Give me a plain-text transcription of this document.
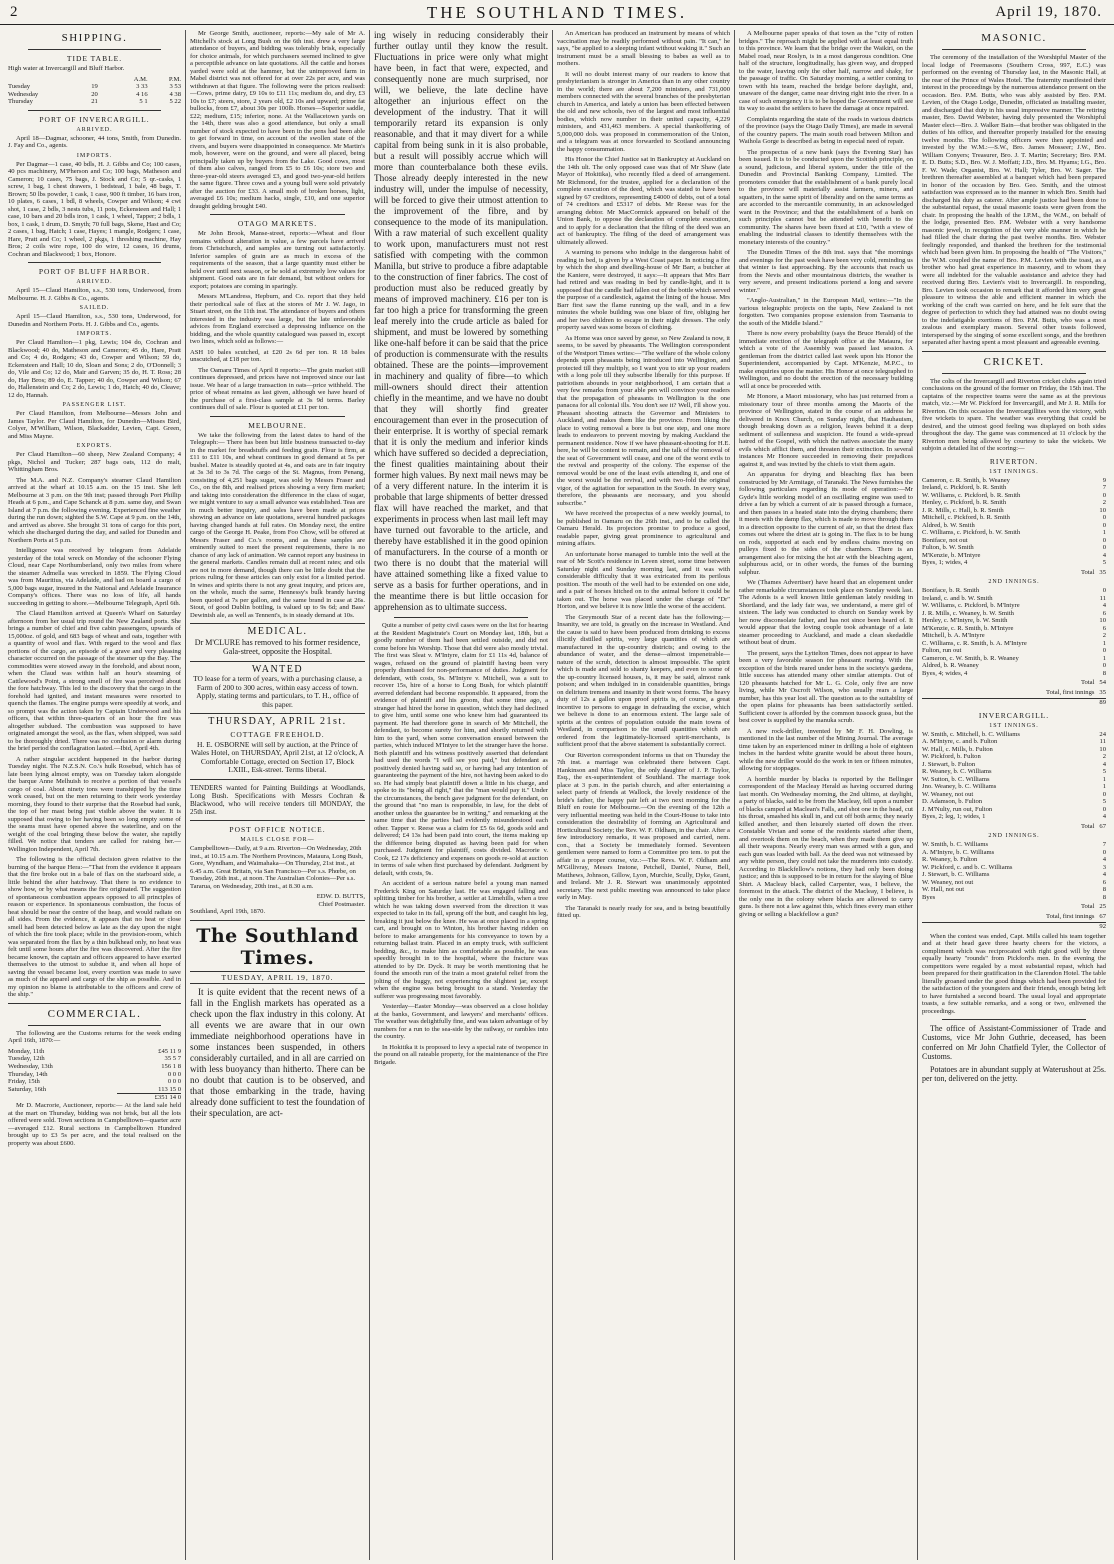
2	THE SOUTHLAND TIMES.	April 19, 1870.
SHIPPING.
TIDE TABLE.

High water at Invercargill and Bluff Harbor.

		A.M.	P.M.
Tuesday	19	3 33	3 53
Wednesday	20	4 16	4 38
Thursday	21	5 1	5 22
PORT OF INVERCARGILL.
ARRIVED.

April 18—Dagmar, schooner, 44 tons, Smith, from Dunedin. J. Fay and Co., agents.

IMPORTS.

Per Dagmar—1 case, 40 bdls, H. J. Gibbs and Co; 100 cases, 40 pcs machinery, M'Pherson and Co; 100 bags, Matheson and Cameron; 10 cases, 75 bags, J. Stock and Co; 5 qr.-casks, 1 screw, 1 bag, 1 chest drawers, 1 bedstead, 1 bale, 48 bags, T. Brown; 50 lbs powder, 1 cask, 1 case, 900 ft timber, 16 bars iron, 10 plates, 6 cases, 1 bdl, 8 wheels, Cowper and Wilson; 4 cwt shot, 1 case, 2 bdls, 3 nests tubs, 11 pots, Eckensteen and Hall; 1 case, 10 bars and 20 bdls iron, 1 cask, 1 wheel, Tapper; 2 bdls, 1 box, 1 cask, 1 drum, D. Smyth; 70 full bags, Skene, Hast and Co; 2 cases, 1 bag, Hatch; 1 case, Hayes; 1 mangle, Rodgers; 1 case, Hare, Pratt and Co; 1 wheel, 2 pkgs, 1 threshing machine, Hay Bros; 2 coils wire rope, 100 do wire, 12 cases, 16 drums, Cochran and Blackwood; 1 box, Honore.

PORT OF BLUFF HARBOR.
ARRIVED.

April 15—Claud Hamilton, s.s., 530 tons, Underwood, from Melbourne. H. J. Gibbs & Co., agents.

SAILED.

April 15—Claud Hamilton, s.s., 530 tons, Underwood, for Dunedin and Northern Ports. H. J. Gibbs and Co., agents.

IMPORTS.

Per Claud Hamilton—1 pkg, Lewis; 104 do, Cochran and Blackwood; 40 do, Matheson and Cameron; 45 do, Hare, Pratt and Co; 4 do, Rodgers; 43 do, Cowper and Wilson; 59 do, Eckensteen and Hall; 10 do, Sloan and Sons; 2 do, O'Donnell; 3 do, Vile and Co; 12 do, Mair and Garven; 35 do, H. T. Ross; 28 do, Hay Bros; 89 do, E. Tapper; 40 do, Cowper and Wilson; 67 do, Hallenstein and Co; 2 do, Lewis; 1 do, Hatch; 40 do, Cleave; 12 do, Hannah.

PASSENGER LIST.

Per Claud Hamilton, from Melbourne—Messrs John and James Taylor. Per Claud Hamilton, for Dunedin—Misses Bird, Colyer, M'William, Wilson, Blackadder, Levien, Capt. Green, and Miss Mayne.

EXPORTS.

Per Claud Hamilton—60 sheep, New Zealand Company; 4 pkgs, Nichol and Tucker; 287 bags oats, 112 do malt, Whittingham Bros.

The M.A. and N.Z. Company's steamer Claud Hamilton arrived at the wharf at 10.15 a.m. on the 15 inst. She left Melbourne at 3 p.m. on the 9th inst; passed through Port Phillip Heads at 6 p.m., and Cape Schanck at 8 p.m. same day, and Swan Island at 7 p.m. the following evening. Experienced fine weather during the run down; sighted the S.W. Cape at 9 p.m. on the 14th, and arrived as above. She brought 31 tons of cargo for this port, which she discharged during the day, and sailed for Dunedin and Northern Ports at 5 p.m.

Intelligence was received by telegram from Adelaide yesterday of the total wreck on Monday of the schooner Flying Cloud, near Cape Northumberland, only two miles from where the steamer Admella was wrecked in 1859. The Flying Cloud was from Mauritius, via Adelaide, and had on board a cargo of 5,000 bags sugar, insured in the National and Adelaide Insurance Company's offices. There was no loss of life, all hands succeeding in getting to shore.—Melbourne Telegraph, April 6th.

The Claud Hamilton arrived at Queen's Wharf on Saturday afternoon from her usual trip round the New Zealand ports. She brings a number of chief and five cabin passengers, upwards of 15,000oz. of gold, and 683 bags of wheat and oats, together with a quantity of wool and flax. With regard to the wool and flax portions of the cargo, an episode of a grave and very pleasing character occurred on the passage of the steamer up the Bay. The commodities were stowed away in the forehold, and about noon, when the Claud was within half an hour's steaming of Cattlewood's Point, a strong smell of fire was perceived about the fore hatchway. This led to the discovery that the cargo in the forehold had ignited, and instant measures were resorted to quench the flames. The engine pumps were speedily at work, and so prompt was the action taken by Captain Underwood and his officers, that within three-quarters of an hour the fire was altogether subdued. The combustion was supposed to have originated amongst the wool, as the flax, when shipped, was said to be thoroughly dried. There was no confusion or alarm during the brief period the conflagration lasted.—Ibid, April 4th.

A rather singular accident happened in the harbor during Tuesday night. The N.Z.S.N. Co.'s hulk Rosebud, which has of late been lying almost empty, was on Tuesday taken alongside the barque Anne Melhuish to receive a portion of that vessel's cargo of coal. About ninety tons were transhipped by the time work ceased, but on the men returning to their work yesterday morning, they found to their surprise that the Rosebud had sunk, the top of her mast being just visible above the water. It is supposed that owing to her having been so long empty some of the seams must have opened above the waterline, and on the weight of the coal bringing these below the water, she rapidly filled. We notice that tenders are called for raising her.—Wellington Independent, April 7th.

The following is the official decision given relative to the burning of the barque Hera:—"That from the evidence it appears that the fire broke out in a bale of flax on the starboard side, a little behind the after hatchway. That there is no evidence to show how, or by what means the fire originated. The suggestion of spontaneous combustion appears opposed to all principles of reason or experience. In spontaneous combustion, the focus of heat should be near the centre of the heap, and would radiate on all sides. From the evidence, it appears that no heat or close smell had been detected below as late as the day upon the night of which the fire took place; while in the provision-room, which was separated from the flax by a thin bulkhead only, no heat was felt until some hours after the fire was discovered. After the fire became known, the captain and officers appeared to have exerted themselves to the utmost to subdue it, and when all hope of saving the vessel became lost, every exertion was made to save as much of the apparel and cargo of the ship as possible. And in my opinion no blame is attributable to the officers and crew of the ship."

COMMERCIAL.

The following are the Customs returns for the week ending April 16th, 1870:—

Monday, 11th	£45 11 9
Tuesday, 12th	35 5 7
Wednesday, 13th	156 1 8
Thursday, 14th	0 0 0
Friday, 15th	0 0 0
Saturday, 16th	113 15 0
	£351 14 0

Mr D. Macrorie, Auctioneer, reports:— At the land sale held at the mart on Thursday, bidding was not brisk, but all the lots offered were sold. Town sections in Campbelltown—quarter acre—averaged £12. Rural sections in Campbelltown Hundred brought up to £3 5s per acre, and the total realised on the property was about £600.

Mr George Smith, auctioneer, reports:—My sale of Mr A. Mitchell's stock at Long Bush on the 6th inst. drew a very large attendance of buyers, and bidding was tolerably brisk, especially for choice animals, for which purchasers seemed inclined to give a perceptible advance on late quotations. All the cattle and horses yarded were sold at the hammer, but the unimproved farm in Mabel district was not offered for at over 22s per acre, and was withdrawn at that figure. The following were the prices realised:—Cows, prime dairy, £9 10s to £11 11s; medium do, and dry, £3 10s to £7; steers, store, 2 years old, £2 10s and upward; prime fat bullocks, from £7, about 30s per 100lb. Horses—Superior saddle, £22; medium, £15; inferior, none. At the Wallacetown yards on the 14th, there was also a good attendance, but only a small number of stock expected to have been in the pens had been able to get forward in time, on account of the swollen state of the rivers, and buyers were disappointed in consequence. Mr Martin's mob, however, were on the ground, and were all placed, being principally taken up by buyers from the Lake. Good cows, most of them also calves, ranged from £5 to £6 10s; store two and three-year-old steers averaged £3, and good two-year-old heifers the same figure. Three cows and a young bull were sold privately after the auction for £33. A small mob of broken horses, light, averaged £6 10s; medium hacks, single, £10, and one superior draught gelding brought £40.

OTAGO MARKETS.

Mr John Brook, Manse-street, reports:—Wheat and flour remains without alteration in value, a few parcels have arrived from Christchurch, and samples are turning out satisfactorily. Inferior samples of grain are as much in excess of the requirements of the season, that a large quantity must either be held over until next season, or be sold at extremely low values for shipment. Good oats are in fair demand, but without orders for export; potatoes are coming in sparingly.

Messrs M'Landress, Hepburn, and Co. report that they held their periodical sale of flax at the stores of Mr J. W. Jago, in Stuart street, on the 11th inst. The attendance of buyers and others interested in the industry was large, but the late unfavorable advices from England exercised a depressing influence on the bidding, and the whole quantity catalogued was passed in, except two lines, which sold as follows:—

ASH 10 bales scutched, at £20 2s 6d per ton. R 18 bales unscutched, at £18 per ton.

The Oamaru Times of April 8 reports:—The grain market still continues depressed, and prices have not improved since our last issue. We hear of a large transaction in oats—price withheld. The price of wheat remains as last given, although we have heard of the purchase of a first-class sample at 3s 9d terms. Barley continues dull of sale. Flour is quoted at £11 per ton.

MELBOURNE.

We take the following from the latest dates to hand of the Telegraph:— There has been but little business transacted to-day in the market for breadstuffs and feeding grain. Flour is firm, at £11 to £11 10s, and wheat continues in good demand at 5s per bushel. Maize is steadily quoted at 4s, and oats are in fair inquiry at 3s 3d to 3s 7d. The cargo of the St. Magnus, from Penang, consisting of 4,251 bags sugar, was sold by Messrs Fraser and Co., on the 8th, and realised prices showing a very firm market; and taking into consideration the difference in the class of sugar, we might venture to say a small advance was established. Teas are in much better inquiry, and sales have been made at prices showing an advance on late quotations, several hundred packages having changed hands at full rates. On Monday next, the entire cargo of the George H. Peake, from Foo Chow, will be offered at Messrs Fraser and Co.'s rooms, and as these samples are eminently suited to meet the present requirements, there is no chance of any lack of animation. We cannot report any business in the general markets. Candles remain dull at recent rates; and oils are not in more demand, though there can be little doubt that the prices ruling for these articles can only exist for a limited period. In wines and spirits there is not any great inquiry, and prices are, on the whole, much the same, Hennessy's bulk brandy having been quoted at 7s per gallon, and the same brand in case at 26s. Stout, of good Dublin bottling, is valued up to 9s 6d; and Bass' Dewinish ale, as well as Tennent's, is in steady demand at 10s.

MEDICAL.

Dr M'CLURE has removed to his former residence, Gala-street, opposite the Hospital.

WANTED

TO lease for a term of years, with a purchasing clause, a Farm of 200 to 300 acres, within easy access of town. Apply, stating terms and particulars, to T. H., office of this paper.

THURSDAY, APRIL 21st.
COTTAGE FREEHOLD.

H. E. OSBORNE will sell by auction, at the Prince of Wales Hotel, on THURSDAY, April 21st, at 12 o'clock, A Comfortable Cottage, erected on Section 17, Block LXIII., Esk-street. Terms liberal.

TENDERS wanted for Painting Buildings at Woodlands, Long Bush. Specifications with Messrs Cochran & Blackwood, who will receive tenders till MONDAY, the 25th inst.

POST OFFICE NOTICE.
MAILS CLOSE FOR—

Campbelltown—Daily, at 9 a.m. Riverton—On Wednesday, 20th inst., at 10.15 a.m. The Northern Provinces, Mataura, Long Bush, Gore, Wyndham, and Waimahaka—On Thursday, 21st inst., at 6.45 a.m. Great Britain, via San Francisco—Per s.s. Phœbe, on Tuesday, 26th inst., at noon. The Australian Colonies—Per s.s. Tararua, on Wednesday, 20th inst., at 8.30 a.m.

EDW. D. BUTTS,
Chief Postmaster.
Southland, April 19th, 1870.
The Southland Times.
TUESDAY, APRIL 19, 1870.

It is quite evident that the recent news of a fall in the English markets has operated as a check upon the flax industry in this colony. At all events we are aware that in our own immediate neighborhood operations have in some instances been suspended, in others considerably curtailed, and in all are carried on with less buoyancy than hitherto. There can be no doubt that caution is to be observed, and that those embarking in the trade, having already done sufficient to test the foundation of their speculation, are act-

ing wisely in reducing considerably their further outlay until they know the result. Fluctuations in price were only what might have been, in fact that were, expected, and consequently none are much surprised, nor will, we believe, the late decline have altogether an injurious effect on the development of the industry. That it will temporarily retard its expansion is only reasonable, and that it may divert for a while capital from being sunk in it is also probable, but a result will possibly accrue which will more than counterbalance both these evils. Those already deeply interested in the new industry will, under the impulse of necessity, will be forced to give their utmost attention to the improvement of the fibre, and by consequence to the mode of its manipulation. With a raw material of such excellent quality to work upon, manufacturers must not rest satisfied with competing with the common Manilla, but strive to produce a fibre adaptable to the construction of finer fabrics. The cost of production must also be reduced greatly by means of improved machinery. £16 per ton is far too high a price for transforming the green leaf merely into the crude article as baled for shipment, and must be lowered by something like one-half before it can be said that the price of production is commensurate with the results obtained. These are the points—improvement in machinery and quality of fibre—to which mill-owners should direct their attention chiefly in the meantime, and we have no doubt that they will shortly find greater encouragement than ever in the prosecution of their enterprise. It is worthy of special remark that it is only the medium and inferior kinds which have suffered so decided a depreciation, the finest qualities maintaining about their former high values. By next mail news may be of a very different nature. In the interim it is probable that large shipments of better dressed flax will have reached the market, and that experiments in process when last mail left may have turned out favorable to the article, and thereby have established it in the good opinion of manufacturers. In the course of a month or two there is no doubt that the material will have attained something like a fixed value to serve as a basis for further operations, and in the meantime there is but little occasion for apprehension as to ultimate success.

Quite a number of petty civil cases were on the list for hearing at the Resident Magistrate's Court on Monday last, 18th, but a goodly number of them had been settled outside, and did not come before his Worship. Those that did were also mostly trivial. The first was Sleat v. M'Intyre, claim for £1 11s 4d, balance of wages, refused on the ground of plaintiff having been very properly dismissed for non-performance of duties. Judgment for defendant, with costs, 9s. M'Intyre v. Mitchell, was a suit to recover 15s, hire of a horse to Long Bush, for which plaintiff averred defendant had become responsible. It appeared, from the evidence of plaintiff and his groom, that some time ago, a stranger had hired the horse in question, which they had declined to give him, until some one who knew him had guaranteed its payment. He had therefore gone in search of Mr Mitchell, the defendant, to become surety for him, and shortly returned with him to the yard, when some conversation ensued between the parties, which induced M'Intyre to let the stranger have the horse. Both plaintiff and his witness positively asserted that defendant had used the words "I will see you paid," but defendant as positively denied having said so, or having had any intention of guaranteeing the payment of the hire, not having been asked to do so. He had simply beat plaintiff down a little in his charge, and spoke to its "being all right," that the "man would pay it." Under the circumstances, the bench gave judgment for the defendant, on the ground that "no man is responsible, in law, for the debt of another unless the guarantee be in writing," and remarking at the same time that the parties had evidently misunderstood each other. Tapper v. Reese was a claim for £5 6s 6d, goods sold and delivered; £4 13s had been paid into court, the items making up the difference being disputed as having been paid for when purchased. Judgment for plaintiff, costs divided. Macrorie v. Cook, £2 17s deficiency and expenses on goods re-sold at auction in terms of sale when first purchased by defendant. Judgment by default, with costs, 9s.

An accident of a serious nature befel a young man named Frederick King on Saturday last. He was engaged falling and splitting timber for his brother, a settler at Limehills, when a tree which he was taking down swerved from the direction it was expected to take in its fall, sprung off the butt, and caught his leg, breaking it just below the knee. He was at once placed in a spring cart, and brought on to Winton, his brother having ridden on before to make arrangements for his conveyance to town by a returning ballast train. Placed in an empty truck, with sufficient bedding, &c., to make him as comfortable as possible, he was speedily brought in to the hospital, where the fracture was attended to by Dr. Dyck. It may be worth mentioning that he found the smooth run of the train a most grateful relief from the jolting of the buggy, not experiencing the slightest jar, except when the engine was being brought to a stand. Yesterday the sufferer was progressing most favorably.

Yesterday—Easter Monday—was observed as a close holiday at the banks, Government, and lawyers' and merchants' offices. The weather was delightfully fine, and was taken advantage of by numbers for a run to the sea-side by the railway, or rambles into the country.

In Hokitika it is proposed to levy a special rate of twopence in the pound on all rateable property, for the maintenance of the Fire Brigade.

An American has produced an instrument by means of which vaccination may be readily performed without pain. "It can," he says, "be applied to a sleeping infant without waking it." Such an instrument must be a small blessing to babes as well as to mothers.

It will no doubt interest many of our readers to know that presbyterianism is stronger in America than in any other country in the world; there are about 7,200 ministers, and 731,000 members connected with the several branches of the presbyterian church in America, and lately a union has been effected between the old and new schools, two of the largest and most influential bodies, which now number in their united capacity, 4,229 ministers, and 431,463 members. A special thankoffering of 5,000,000 dols. was proposed in commemoration of the Union, and a telegram was at once forwarded to Scotland announcing the happy consummation.

His Honor the Chief Justice sat in Bankruptcy at Auckland on the 14th ult. The only opposed case was that of Mr Shaw (late Mayor of Hokitika), who recently filed a deed of arrangement. Mr Richmond, for the trustee, applied for a declaration of the complete execution of the deed, which was stated to have been signed by 67 creditors, representing £4000 of debts, out of a total of 74 creditors and £5317 of debts. Mr Reese was for the arranging debtor. Mr MacCormick appeared on behalf of the Union Bank, to oppose the declaration of complete execution, and to apply for a declaration that the filing of the deed was an act of bankruptcy. The filing of the deed of arrangement was ultimately allowed.

A warning to persons who indulge in the dangerous habit of reading in bed, is given by a West Coast paper. In noticing a fire by which the shop and dwelling-house of Mr Barr, a butcher at the Kaniere, were destroyed, it says:—It appears that Mrs Barr had retired and was reading in bed by candle-light, and it is supposed that the candle had fallen out of the bottle which served the purpose of a candlestick, against the lining of the house. Mrs Barr first saw the flame running up the wall, and in a few minutes the whole building was one blaze of fire, obliging her and her two children to escape in their night dresses. The only property saved was some boxes of clothing.

As Home was once saved by geese, so New Zealand is now, it seems, to be saved by pheasants. The Wellington correspondent of the Westport Times writes:—"The welfare of the whole colony depends upon pheasants being introduced into Wellington, and protected till they multiply, so I want you to stir up your readers with a long pole till they subscribe liberally for this purpose. If patriotism abounds in your neighborhood, I am certain that a very few remarks from your able pen will convince your readers that the propagation of pheasants in Wellington is the one panacea for all colonial ills. You don't see it? Well, I'll show you. Pheasant shooting attracts the Governor and Ministers to Auckland, and makes them like the province. From liking the place to voting removal a bore is but one step, and one more leads to endeavors to prevent moving by making Auckland the permanent residence. Now if we have pheasant-shooting for H.E. here, he will be content to remain, and the talk of the removal of the seat of Government will cease, and one of the worst evils to the revival and prosperity of the colony. The expense of the removal would be one of the least evils attending it, and one of the worst would be the revival, and with two-fold the original vigor, of the agitation for separation in the South. In every way, therefore, the pheasants are necessary, and you should subscribe."

We have received the prospectus of a new weekly journal, to be published in Oamaru on the 26th inst., and to be called the Oamaru Herald. Its projectors promise to produce a good, readable paper, giving great prominence to agricultural and mining affairs.

An unfortunate horse managed to tumble into the well at the rear of Mr Scott's residence in Leven street, some time between Saturday night and Sunday morning last, and it was with considerable difficulty that it was extricated from its perilous position. The mouth of the well had to be extended on one side, and a pair of horses hitched on to the animal before it could be taken out. The horse was placed under the charge of "Dr" Horton, and we believe it is now little the worse of the accident.

The Greymouth Star of a recent date has the following:—Insanity, we are told, is greatly on the increase in Westland. And the cause is said to have been produced from drinking to excess illicitly distilled spirits, very large quantities of which are manufactured in the up-country districts; and owing to the abundance of water, and the dense—almost impenetrable—nature of the scrub, detection is almost impossible. The spirit which is made and sold to shanty keepers, and even to some of the up-country licensed houses, is, it may be said, almost rank poison; and when indulged in in considerable quantities, brings on delirium tremens and insanity in their worst forms. The heavy duty of 12s a gallon upon proof spirits is, of course, a great incentive to persons to engage in defrauding the excise, which we believe is done to an enormous extent. The large sale of spirits at the centres of population outside the main towns of Westland, in comparison to the small quantities which are ordered from the legitimately-licensed spirit-merchants, is sufficient proof that the above statement is substantially correct.

Our Riverton correspondent informs us that on Thursday the 7th inst. a marriage was celebrated there between Capt. Hankinson and Miss Taylor, the only daughter of J. P. Taylor, Esq., the ex-superintendent of Southland. The marriage took place at 3 p.m. in the parish church, and after entertaining a select party of friends at Wallock, the lovely residence of the bride's father, the happy pair left at two next morning for the Bluff en route for Melbourne.—On the evening of the 12th a very influential meeting was held in the Court-House to take into consideration the desirability of forming an Agricultural and Horticultural Society; the Rev. W. F. Oldham, in the chair. After a few introductory remarks, it was proposed and carried, nem. con., that a Society be immediately formed. Seventeen gentlemen were named to form a Committee pro tem. to put the affair in a proper course, viz.:—The Revs. W. F. Oldham and M'Gillivray, Messrs Instone, Petchell, Daniel, Nurse, Bell, Matthews, Johnson, Gillow, Lyon, Murchie, Scully, Dyke, Grant, and Ireland. Mr J. R. Stewart was unanimously appointed secretary. The next public meeting was announced to take place early in May.

The Taranaki is nearly ready for sea, and is being beautifully fitted up.

A Melbourne paper speaks of that town as the "city of rotten bridges." The reproach might be applied with at least equal truth to this province. We learn that the bridge over the Waikiri, on the Mabel road, near Roslyn, is in a most dangerous condition. One half of the structure, longitudinally, has given way, and dropped to the water, leaving only the other half, narrow and shaky, for the passage of traffic. On Saturday morning, a settler coming to town with his team, reached the bridge before daylight, and, unaware of the danger, came near driving right into the river. In a case of such emergency it is to be hoped the Government will see its way to assist the settlers to have the damage at once repaired.

Complaints regarding the state of the roads in various districts of the province (says the Otago Daily Times), are made in several of the country papers. The main south road between Milton and Waihola Gorge is described as being in especial need of repair.

The prospectus of a new bank (says the Evening Star) has been issued. It is to be conducted upon the Scottish principle, on a sound, judicious, and liberal system, under the title of the Dunedin and Provincial Banking Company, Limited. The promoters consider that the establishment of a bank purely local to the province will materially assist farmers, miners, and squatters, in the same spirit of liberality and on the same terms as are accorded to the mercantile community, in an acknowledged want in the Province; and that the establishment of a bank on such principles cannot but be attended with benefit to the community. The shares have been fixed at £10, "with a view of enabling the industrial classes to identify themselves with the monetary interests of the country."

The Dunedin Times of the 8th inst. says that "the mornings and evenings for the past week have been very cold, reminding us that winter is fast approaching. By the accounts that reach us from the Nevis and other mountainous districts, the weather is very severe, and present indications portend a long and severe winter."

"Anglo-Australian," in the European Mail, writes:—"In the various telegraphic projects on the tapis, New Zealand is not forgotten. Two companies propose extension from Tasmania to the south of the Middle Island."

There is now every probability (says the Bruce Herald) of the immediate erection of the telegraph office at the Mataura, for which a vote of the Assembly was passed last session. A gentleman from the district called last week upon his Honor the Superintendent, accompanied by Capt. M'Kenzie, M.P.C., to make enquiries upon the matter. His Honor at once telegraphed to Wellington, and no doubt the erection of the necessary building will at once be proceeded with.

Mr Honore, a Maori missionary, who has just returned from a missionary tour of three months among the Maoris of the province of Wellington, stated in the course of an address he delivered in Knox Church, on Sunday night, that Hauhauism, though breaking down as a religion, leaves behind it a deep sediment of sullenness and suspicion. He found a wide-spread hatred of the Gospel, with which the natives associate the many evils which afflict them, and threaten their extinction. In several instances Mr Honore succeeded in removing their prejudices against it, and was invited by the chiefs to visit them again.

An apparatus for drying and bleaching flax has been constructed by Mr Armitage, of Taranaki. The News furnishes the following particulars regarding its mode of operation:—Mr Gyde's little working model of an oscillating engine was used to drive a fan by which a current of air is passed through a furnace, and then passes in a heated state into the drying chambers; there it meets with the damp flax, which is made to move through them in a direction opposite to the current of air, so that the driest flax comes out where the driest air is going in. The flax is to be hung on rods, supported at each end by endless chains moving on pulleys fixed to the sides of the chambers. There is an arrangement also for mixing the hot air with the bleaching agent, sulphurous acid, or in other words, the fumes of the burning sulphur.

We (Thames Advertiser) have heard that an elopement under rather remarkable circumstances took place on Sunday week last. The Adonis is a well known little gentleman lately residing in Shortland, and the lady fair was, we understand, a mere girl of sixteen. The lady was conducted to church on Sunday week by her now disconsolate father, and has not since been heard of. It would appear that the loving couple took advantage of a late steamer proceeding to Auckland, and made a clean skedaddle without beat of drum.

The present, says the Lyttelton Times, does not appear to have been a very favorable season for pheasant rearing. With the exception of the birds reared under hens in the society's gardens, little success has attended many other similar attempts. Out of 120 pheasants hatched for Mr L. G. Cole, only five are now living, while Mr Oscroft Wilson, who usually rears a large number, has this year lost all. The question as to the suitability of the open plains for pheasants has been satisfactorily settled. Sufficient cover is afforded by the common tussock grass, but the best cover is supplied by the manuka scrub.

A new rock-driller, invented by Mr F. H. Dowling, is mentioned in the last number of the Mining Journal. The average time taken by an experienced miner in drilling a hole of eighteen inches in the hardest white granite would be about three hours, while the new driller would do the work in ten or fifteen minutes, allowing for stoppages.

A horrible murder by blacks is reported by the Bellinger correspondent of the Macleay Herald as having occurred during last month. On Wednesday morning, the 2nd ultimo, at daylight, a party of blacks, said to be from the Macleay, fell upon a number of blacks camped at Maclean's Falls, and shot one in the head, cut his throat, smashed his skull in, and cut off both arms; they nearly killed another, and then leisurely started off down the river. Constable Vivian and some of the residents started after them, and overtook them on the beach, when they made them give up all their weapons. Nearly every man was armed with a gun, and each gun was loaded with ball. As the deed was not witnessed by any white person, they could not take the murderers into custody. According to Blackfellow's notions, they had only been doing justice; and this is supposed to be in return for the slaying of Blue Shirt. A Macleay black, called Carpenter, was, I believe, the foremost in the attack. The district of the Macleay, I believe, is the only one in the colony where blacks are allowed to carry guns. Is there not a law against this, which fines every man either giving or selling a blackfellow a gun?

MASONIC.

The ceremony of the installation of the Worshipful Master of the local lodge of Freemasons (Southern Cross, 997, E.C.) was performed on the evening of Thursday last, in the Masonic Hall, at the rear of the Prince of Wales Hotel. The fraternity manifested their interest in the proceedings by the numerous attendance present on the occasion. Bro. P.M. Butts, who was ably assisted by Bro. P.M. Levien, of the Otago Lodge, Dunedin, officiated as installing master, and discharged that duty in his usual impressive manner. The retiring master, Bro. David Webster, having duly presented the Worshipful Master elect—Bro. J. Walker Bain—that brother was obligated in the duties of his office, and thereafter properly installed for the ensuing twelve months. The following officers were then appointed and invested by the W.M.:—S.W., Bro. James Mosseer; J.W., Bro. William Conyers; Treasurer, Bro. J. T. Martin; Secretary; Bro. P.M. E. D. Butts; S.D., Bro. W. J. Moffatt; J.D., Bro. M. Hyams; I.G., Bro. F. W. Wade; Organist, Bro. W. Hall; Tyler, Bro. W. Sager. The brethren thereafter assembled at a banquet which had been prepared in honor of the occasion by Bro. Geo. Smith, and the utmost satisfaction was expressed as to the manner in which Bro. Smith had discharged his duty as caterer. After ample justice had been done to the substantial repast, the usual masonic toasts were given from the chair. In proposing the health of the I.P.M., the W.M., on behalf of the lodge, presented Bro. P.M. Webster with a very handsome masonic jewel, in recognition of the very able manner in which he had filled the chair during the past twelve months. Bro. Webster feelingly responded, and thanked the brethren for the testimonial which had been given him. In proposing the health of "The Visitors," the W.M. coupled the name of Bro. P.M. Levien with the toast, as a brother who had great experience in masonry, and to whom they were all indebted for the valuable assistance and advice they had received during Bro. Levien's visit to Invercargill. In responding, Bro. Levien took occasion to remark that it afforded him very great pleasure to witness the able and efficient manner in which the working of the craft was carried on here, and he felt sure that the degree of perfection to which they had attained was no doubt owing to the indefatigable exertions of Bro. P.M. Butts, who was a most zealous and exemplary mason. Several other toasts followed, interspersed by the singing of some excellent songs, and the brethren separated after having spent a most pleasant and agreeable evening.

CRICKET.

The colts of the Invercargill and Riverton cricket clubs again tried conclusions on the ground of the former on Friday, the 15th inst. The captains of the respective teams were the same as at the previous match, viz.:—Mr W. Pickford for Invercargill, and Mr J. R. Mills for Riverton. On this occasion the Invercargillites won the victory, with five wickets to spare. The weather was everything that could be desired, and the utmost good feeling was displayed on both sides throughout the day. The game was commenced at 11 o'clock by the Riverton men being allowed by courtesy to take the wickets. We subjoin a detailed list of the scoring:—

RIVERTON.
1ST INNINGS.
Cameron, c. R. Smith, b. Weaney	9
Ireland, c. Pickford, b. R. Smith	7
W. Williams, c. Pickford, b. R. Smith	0
Henley, c. Pickford, b. R. Smith	2
J. R. Mills, c. Hall, b. R. Smith	10
Mitchell, c. Pickford, b. R. Smith	0
Aldred, b. W. Smith	0
C. Williams, c. Pickford, b. W. Smith	1
Boniface, not out	0
Fulton, b. W. Smith	0
M'Kenzie, b. M'Intyre	4
Byes, 1; wides, 4	5
Total 35
2ND INNINGS.
Boniface, b. R. Smith	0
Ireland, c. and b. W. Smith	11
W. Williams, c. Pickford, b. M'Intyre	4
J. R. Mills, c. Weaney, b. W. Smith	6
Henley, c. M'Intyre, b. W. Smith	10
M'Kenzie, c. R. Smith, b. M'Intyre	6
Mitchell, b. A. M'Intyre	2
C. Williams, c. R. Smith, b. A. M'Intyre	1
Fulton, run out	0
Cameron, c. W. Smith, b. R. Weaney	1
Aldred, b. R. Weaney	0
Byes, 4; wides, 4	8
Total 54
Total, first innings 35
89
INVERCARGILL.
1ST INNINGS.
W. Smith, c. Mitchell, b. C. Williams	24
A. M'Intyre, c. and b. Fulton	11
W. Hall, c. Mills, b. Fulton	10
W. Pickford, b. Fulton	2
J. Stewart, b. Fulton	4
R. Weaney, b. C. Williams	5
W. Sutton, b. C. Williams	1
Jno. Weaney, b. C. Williams	1
W. Weaney, not out	0
D. Adamson, b. Fulton	5
J. M'Nulty, run out, Fulton	0
Byes, 2; leg, 1; wides, 1	4
Total 67
2ND INNINGS.
W. Smith, b. C. Williams	7
A. M'Intyre, b. C. Williams	0
R. Weaney, b. Fulton	4
W. Pickford, c. and b. C. Williams	3
J. Stewart, b. C. Williams	4
W. Weaney, not out	6
W. Hall, not out	8
Byes	8
Total 25
Total, first innings 67
92

When the contest was ended, Capt. Mills called his team together and at their head gave three hearty cheers for the victors, a compliment which was reciprocated with right good will by three equally hearty "rounds" from Pickford's men. In the evening the competitors were regaled by a most substantial repast, which had been prepared for their gratification in the Clarendon Hotel. The table literally groaned under the good things which had been provided for the satisfaction of the youngsters and their friends, enough being left to have furnished a second board. The usual loyal and appropriate toasts, a few suitable remarks, and a song or two, enlivened the proceedings.

The office of Assistant-Commissioner of Trade and Customs, vice Mr John Guthrie, deceased, has been conferred on Mr John Chatfield Tyler, the Collector of Customs.

Potatoes are in abundant supply at Waterushout at 25s. per ton, delivered on the jetty.
